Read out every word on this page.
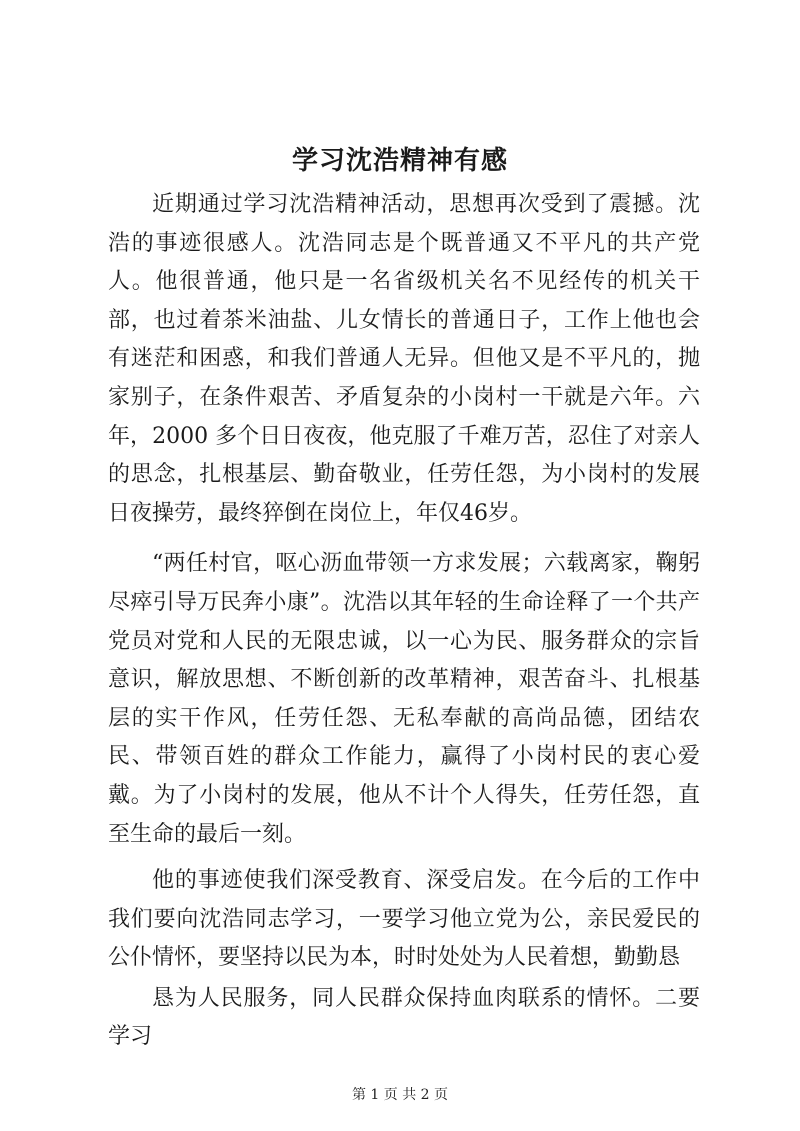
学习沈浩精神有感

近期通过学习沈浩精神活动，思想再次受到了震撼。沈浩的事迹很感人。沈浩同志是个既普通又不平凡的共产党人。他很普通，他只是一名省级机关名不见经传的机关干部，也过着茶米油盐、儿女情长的普通日子，工作上他也会有迷茫和困惑，和我们普通人无异。但他又是不平凡的，抛家别子，在条件艰苦、矛盾复杂的小岗村一干就是六年。六年，2000 多个日日夜夜，他克服了千难万苦，忍住了对亲人的思念，扎根基层、勤奋敬业，任劳任怨，为小岗村的发展日夜操劳，最终猝倒在岗位上，年仅46岁。

“两任村官，呕心沥血带领一方求发展；六载离家，鞠躬尽瘁引导万民奔小康”。沈浩以其年轻的生命诠释了一个共产党员对党和人民的无限忠诚，以一心为民、服务群众的宗旨意识，解放思想、不断创新的改革精神，艰苦奋斗、扎根基层的实干作风，任劳任怨、无私奉献的高尚品德，团结农民、带领百姓的群众工作能力，赢得了小岗村民的衷心爱戴。为了小岗村的发展，他从不计个人得失，任劳任怨，直至生命的最后一刻。

他的事迹使我们深受教育、深受启发。在今后的工作中我们要向沈浩同志学习，一要学习他立党为公，亲民爱民的公仆情怀，要坚持以民为本，时时处处为人民着想，勤勤恳

恳为人民服务，同人民群众保持血肉联系的情怀。二要学习

第 1 页 共 2 页
